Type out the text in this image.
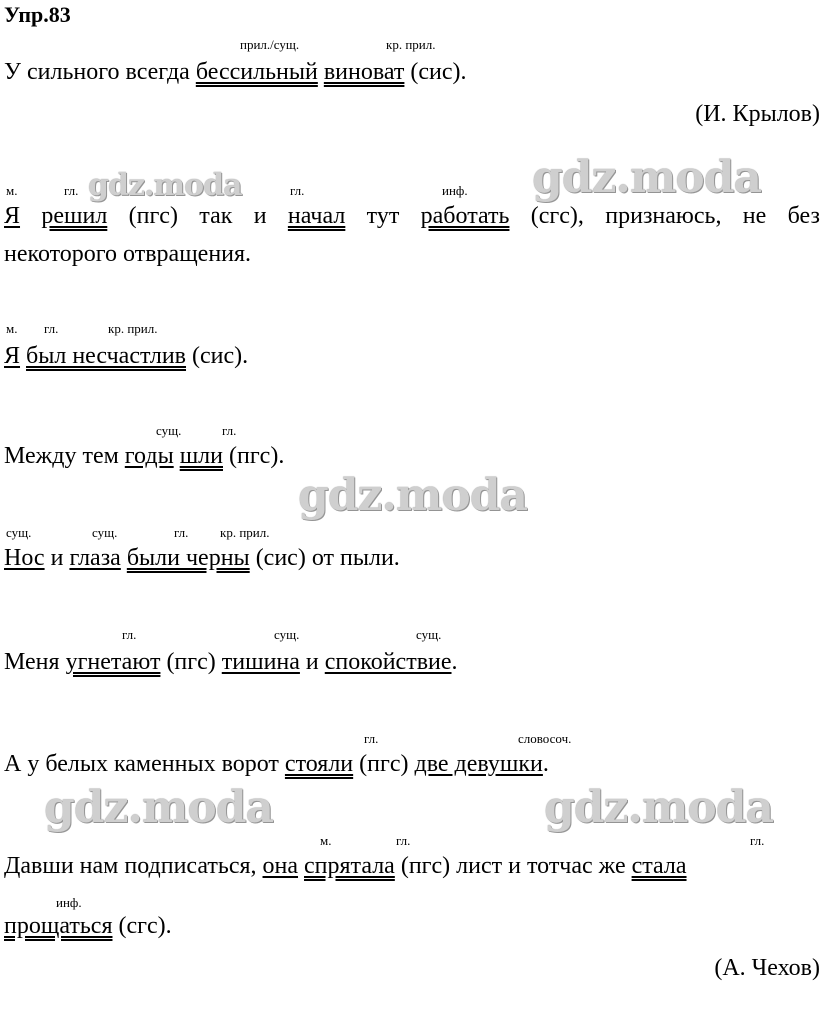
Упр.83
gdz.moda	gdz.moda
gdz.moda
gdz.moda	gdz.moda
прил./сущ.	кр. прил.
У сильного всегда бессильный виноват (сис).
(И. Крылов)
м.	гл.	гл.	инф.
Я решил (пгс) так и начал тут работать (сгс), признаюсь, не без
некоторого отвращения.
м. гл.	кр. прил.
Я был несчастлив (сис).
сущ.	гл.
Между тем годы шли (пгс).
сущ.	сущ.	гл. кр. прил.
Нос и глаза были черны (сис) от пыли.
гл.	сущ.	сущ.
Меня угнетают (пгс) тишина и спокойствие.
гл.	словосоч.
А у белых каменных ворот стояли (пгс) две девушки.
м.	гл.	гл.
Давши нам подписаться, она спрятала (пгс) лист и тотчас же стала
инф.
прощаться (сгс).
(А. Чехов)
